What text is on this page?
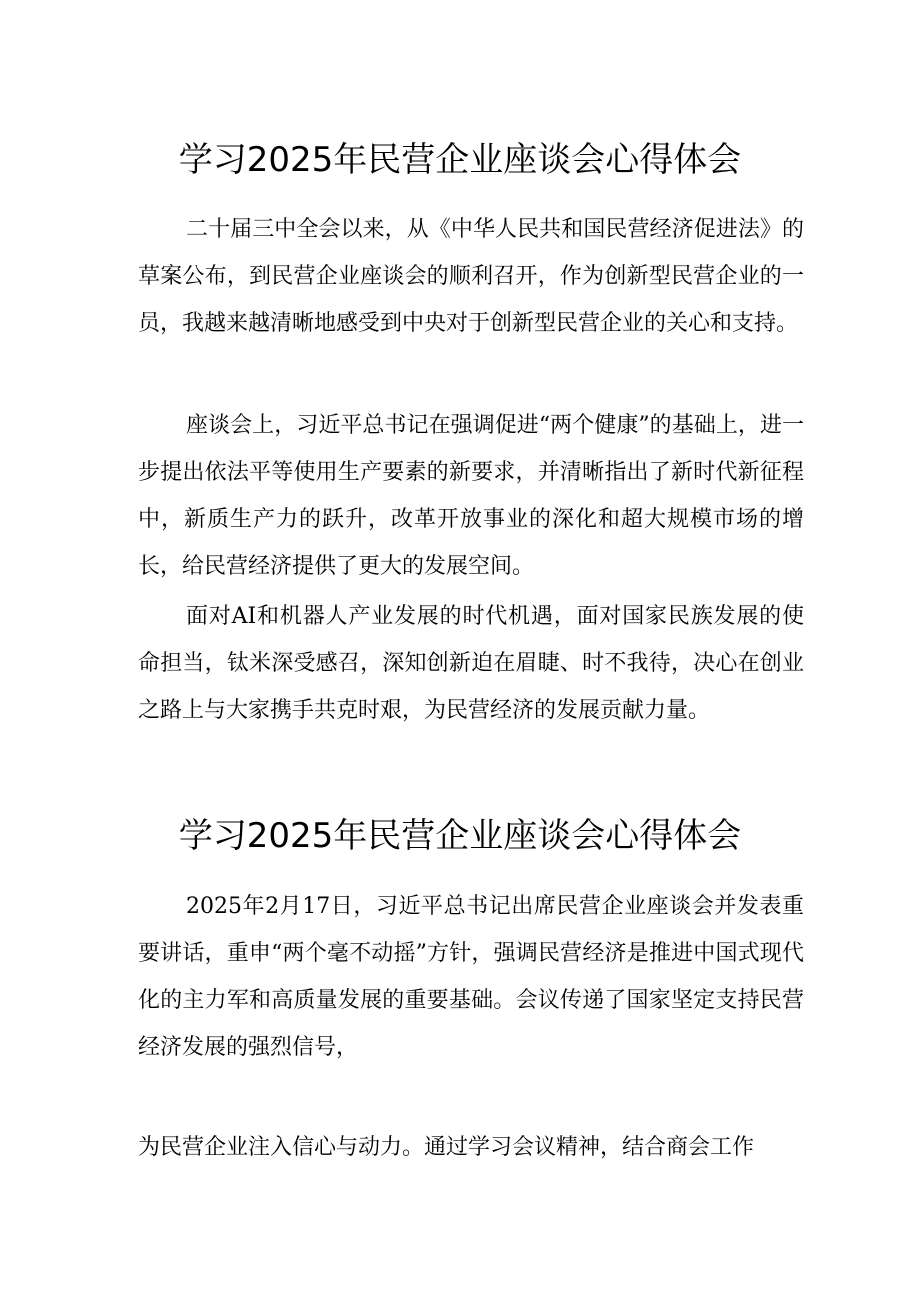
学习2025年民营企业座谈会心得体会

二十届三中全会以来，从《中华人民共和国民营经济促进法》的草案公布，到民营企业座谈会的顺利召开，作为创新型民营企业的一员，我越来越清晰地感受到中央对于创新型民营企业的关心和支持。

座谈会上，习近平总书记在强调促进“两个健康”的基础上，进一步提出依法平等使用生产要素的新要求，并清晰指出了新时代新征程中，新质生产力的跃升，改革开放事业的深化和超大规模市场的增长，给民营经济提供了更大的发展空间。

面对AI和机器人产业发展的时代机遇，面对国家民族发展的使命担当，钛米深受感召，深知创新迫在眉睫、时不我待，决心在创业之路上与大家携手共克时艰，为民营经济的发展贡献力量。

学习2025年民营企业座谈会心得体会

2025年2月17日，习近平总书记出席民营企业座谈会并发表重要讲话，重申“两个毫不动摇”方针，强调民营经济是推进中国式现代化的主力军和高质量发展的重要基础。会议传递了国家坚定支持民营经济发展的强烈信号，

为民营企业注入信心与动力。通过学习会议精神，结合商会工作
